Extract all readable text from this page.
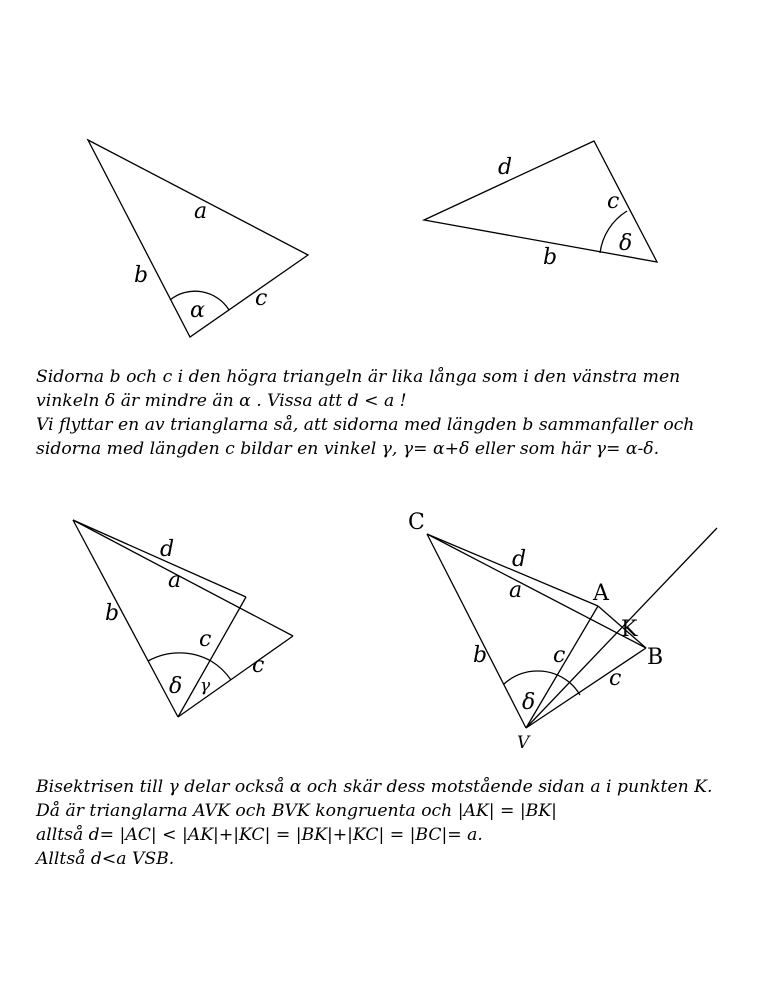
a
b
c
α
d
c
δ
b
d
a
b
c
c
δ γ
C
d
A
a
K
B
b	c
c
δ
V
Sidorna b och c i den högra triangeln är lika långa som i den vänstra men
vinkeln δ är mindre än α . Vissa att d < a !
Vi flyttar en av trianglarna så, att sidorna med längden b sammanfaller och
sidorna med längden c bildar en vinkel γ, γ= α+δ eller som här γ= α-δ.
Bisektrisen till γ delar också α och skär dess motstående sidan a i punkten K.
Då är trianglarna AVK och BVK kongruenta och |AK| = |BK|
alltså d= |AC| < |AK|+|KC| = |BK|+|KC| = |BC|= a.
Alltså d<a VSB.
